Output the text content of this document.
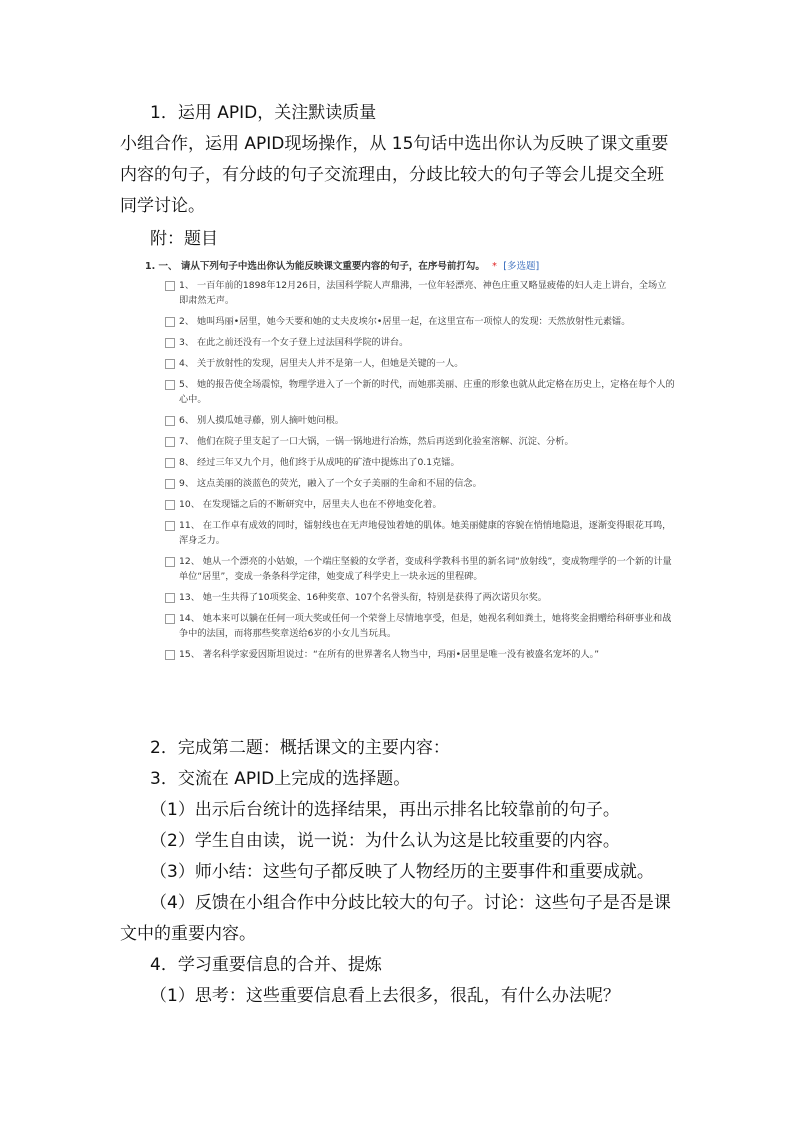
1．运用 APID，关注默读质量

小组合作，运用 APID现场操作，从 15句话中选出你认为反映了课文重要内容的句子，有分歧的句子交流理由，分歧比较大的句子等会儿提交全班同学讨论。

附：题目

1. 一、 请从下列句子中选出你认为能反映课文重要内容的句子，在序号前打勾。 * [多选题]
1、 一百年前的1898年12月26日，法国科学院人声鼎沸，一位年轻漂亮、神色庄重又略显疲倦的妇人走上讲台，全场立即肃然无声。
2、 她叫玛丽•居里，她今天要和她的丈夫皮埃尔•居里一起，在这里宣布一项惊人的发现：天然放射性元素镭。
3、 在此之前还没有一个女子登上过法国科学院的讲台。
4、 关于放射性的发现，居里夫人并不是第一人，但她是关键的一人。
5、 她的报告使全场震惊，物理学进入了一个新的时代，而她那美丽、庄重的形象也就从此定格在历史上，定格在每个人的心中。
6、 别人摸瓜她寻藤，别人摘叶她问根。
7、 他们在院子里支起了一口大锅，一锅一锅地进行冶炼，然后再送到化验室溶解、沉淀、分析。
8、 经过三年又九个月，他们终于从成吨的矿渣中提炼出了0.1克镭。
9、 这点美丽的淡蓝色的荧光，融入了一个女子美丽的生命和不屈的信念。
10、 在发现镭之后的不断研究中，居里夫人也在不停地变化着。
11、 在工作卓有成效的同时，镭射线也在无声地侵蚀着她的肌体。她美丽健康的容貌在悄悄地隐退，逐渐变得眼花耳鸣，浑身乏力。
12、 她从一个漂亮的小姑娘，一个端庄坚毅的女学者，变成科学教科书里的新名词“放射线”，变成物理学的一个新的计量单位“居里”，变成一条条科学定律，她变成了科学史上一块永远的里程碑。
13、 她一生共得了10项奖金、16种奖章、107个名誉头衔，特别是获得了两次诺贝尔奖。
14、 她本来可以躺在任何一项大奖或任何一个荣誉上尽情地享受，但是，她视名利如粪土，她将奖金捐赠给科研事业和战争中的法国，而将那些奖章送给6岁的小女儿当玩具。
15、 著名科学家爱因斯坦说过：“在所有的世界著名人物当中，玛丽•居里是唯一没有被盛名宠坏的人。”

2．完成第二题：概括课文的主要内容：

3．交流在 APID上完成的选择题。

（1）出示后台统计的选择结果，再出示排名比较靠前的句子。

（2）学生自由读，说一说：为什么认为这是比较重要的内容。

（3）师小结：这些句子都反映了人物经历的主要事件和重要成就。

（4）反馈在小组合作中分歧比较大的句子。讨论：这些句子是否是课文中的重要内容。

4．学习重要信息的合并、提炼

（1）思考：这些重要信息看上去很多，很乱，有什么办法呢？
